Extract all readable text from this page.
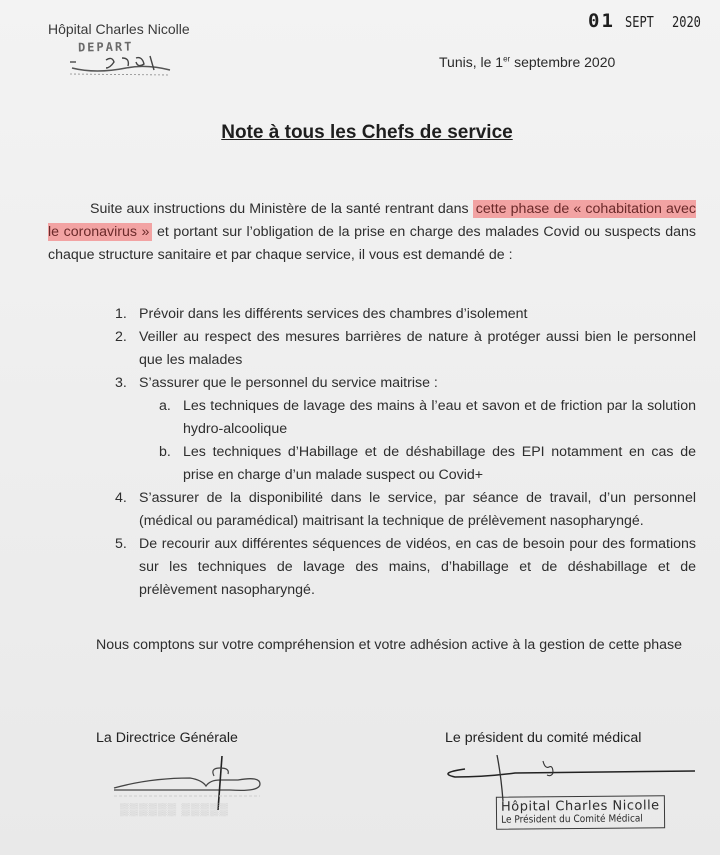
Hôpital Charles Nicolle
DEPART
01 SEPT 2020
Tunis, le 1er septembre 2020
Note à tous les Chefs de service
Suite aux instructions du Ministère de la santé rentrant dans cette phase de « cohabitation avec le coronavirus » et portant sur l’obligation de la prise en charge des malades Covid ou suspects dans chaque structure sanitaire et par chaque service, il vous est demandé de :
1. Prévoir dans les différents services des chambres d’isolement
2. Veiller au respect des mesures barrières de nature à protéger aussi bien le personnel que les malades
3. S’assurer que le personnel du service maitrise :
a. Les techniques de lavage des mains à l’eau et savon et de friction par la solution hydro-alcoolique
b. Les techniques d’Habillage et de déshabillage des EPI notamment en cas de prise en charge d’un malade suspect ou Covid+
4. S’assurer de la disponibilité dans le service, par séance de travail, d’un personnel (médical ou paramédical) maitrisant la technique de prélèvement nasopharyngé.
5. De recourir aux différentes séquences de vidéos, en cas de besoin pour des formations sur les techniques de lavage des mains, d’habillage et de déshabillage et de prélèvement nasopharyngé.
Nous comptons sur votre compréhension et votre adhésion active à la gestion de cette phase
La Directrice Générale
▒▒▒▒▒▒ ▒▒▒▒▒
Le président du comité médical
Hôpital Charles Nicolle
Le Président du Comité Médical
